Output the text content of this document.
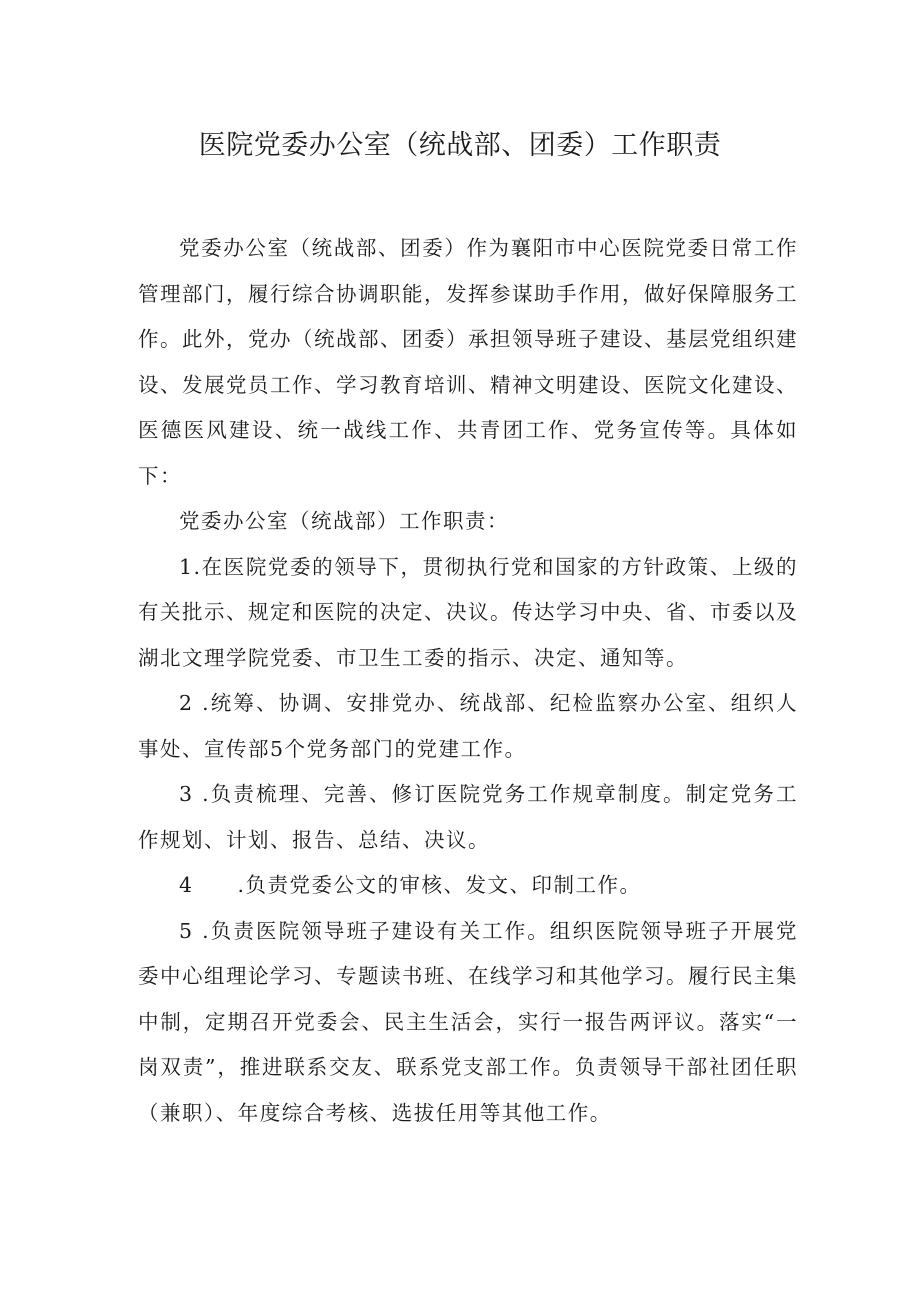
医院党委办公室（统战部、团委）工作职责

党委办公室（统战部、团委）作为襄阳市中心医院党委日常工作管理部门，履行综合协调职能，发挥参谋助手作用，做好保障服务工作。此外，党办（统战部、团委）承担领导班子建设、基层党组织建设、发展党员工作、学习教育培训、精神文明建设、医院文化建设、医德医风建设、统一战线工作、共青团工作、党务宣传等。具体如下：

党委办公室（统战部）工作职责：

1.在医院党委的领导下，贯彻执行党和国家的方针政策、上级的有关批示、规定和医院的决定、决议。传达学习中央、省、市委以及湖北文理学院党委、市卫生工委的指示、决定、通知等。

2 .统筹、协调、安排党办、统战部、纪检监察办公室、组织人事处、宣传部5个党务部门的党建工作。

3 .负责梳理、完善、修订医院党务工作规章制度。制定党务工作规划、计划、报告、总结、决议。

4　　.负责党委公文的审核、发文、印制工作。

5 .负责医院领导班子建设有关工作。组织医院领导班子开展党委中心组理论学习、专题读书班、在线学习和其他学习。履行民主集中制，定期召开党委会、民主生活会，实行一报告两评议。落实“一岗双责”，推进联系交友、联系党支部工作。负责领导干部社团任职（兼职）、年度综合考核、选拔任用等其他工作。
